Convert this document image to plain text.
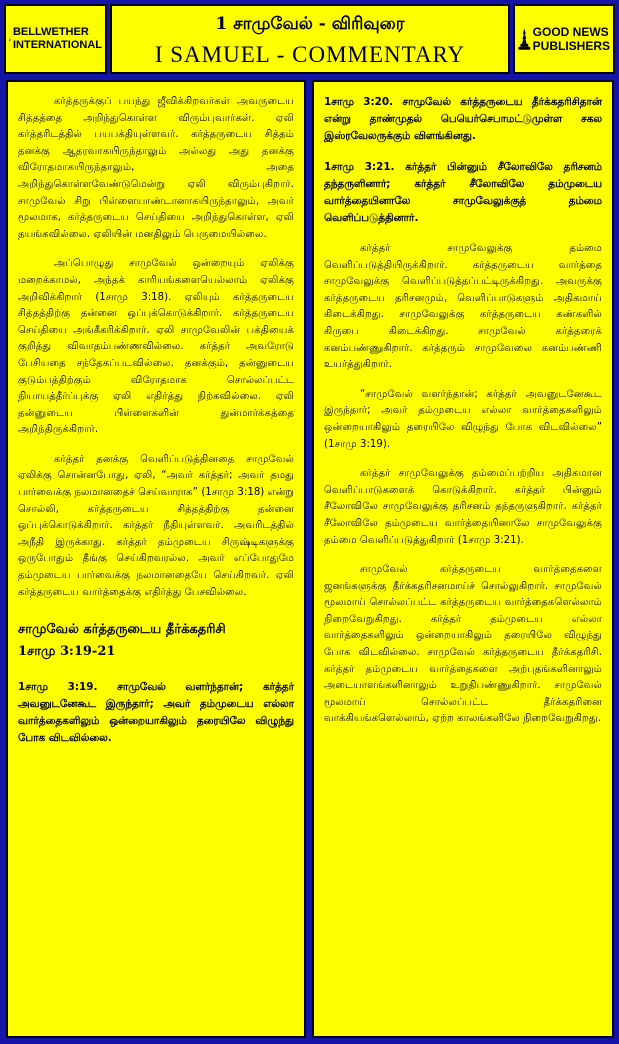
BELLWETHER
INTERNATIONAL
1 சாமுவேல் - விரிவுரை
I SAMUEL - COMMENTARY
GOOD NEWS
PUBLISHERS

கர்த்தருக்குப் பயந்து ஜீவிக்கிறவர்கள் அவருடைய சித்தத்தை அறிந்துகொள்ள விரும்புவார்கள். ஏலி கர்த்தரிடத்தில் பயபக்தியுள்ளவர். கர்த்தருடைய சித்தம் தனக்கு ஆதரவாகயிருந்தாலும் அல்லது அது தனக்கு விரோதமாகயிருந்தாலும், அதை அறிந்துகொள்ளவேண்டுமென்று ஏலி விரும்புகிறார். சாமுவேல் சிறு பிள்ளையாண்டானாகயிருந்தாலும், அவர் மூலமாக, கர்த்தருடைய செய்தியை அறிந்துகொள்ள, ஏலி தயங்கவில்லை. ஏலியின் மனதிலும் பெருமையில்லை.

அப்பொழுது சாமுவேல் ஒன்றையும் ஏலிக்கு மறைக்காமல், அந்தக் காரியங்களையெல்லாம் ஏலிக்கு அறிவிக்கிறார் (1சாமு 3:18). ஏலியும் கர்த்தருடைய சித்தத்திற்கு தன்னை ஒப்புக்கொடுக்கிறார். கர்த்தருடைய செய்தியை அங்கீகரிக்கிறார். ஏலி சாமுவேலின் பக்தியைக் குறித்து விவாதம்பண்ணவில்லை. கர்த்தர் அவரோடு பேசியதை சந்தேகப்படவில்லை. தனக்கும், தன்னுடைய குடும்பத்திற்கும் விரோதமாக சொல்லப்பட்ட நியாயத்தீர்ப்புக்கு ஏலி எதிர்த்து நிற்கவில்லை. ஏலி தன்னுடைய பிள்ளைகளின் துன்மார்க்கத்தை அறிந்திருக்கிறார்.

கர்த்தர் தனக்கு வெளிப்படுத்தினதை சாமுவேல் ஏலிக்கு சொன்னபோது, ஏலி, “அவர் கர்த்தர்; அவர் தமது பார்வைக்கு நலமானதைச் செய்வாராக” (1சாமு 3:18) என்று சொல்லி, கர்த்தருடைய சித்தத்திற்கு தன்னை ஒப்புக்கொடுக்கிறார். கர்த்தர் நீதியுள்ளவர். அவரிடத்தில் அநீதி இருக்காது. கர்த்தர் தம்முடைய சிருஷ்டிகளுக்கு ஒருபோதும் தீங்கு செய்கிறவரல்ல. அவர் எப்போதுமே தம்முடைய பார்வைக்கு நலமானதையே செய்கிறவர். ஏலி கர்த்தருடைய வார்த்தைக்கு எதிர்த்து பேசவில்லை.

சாமுவேல் கர்த்தருடைய தீர்க்கதரிசி
1சாமு 3:19-21
1சாமு 3:19. சாமுவேல் வளர்ந்தான்; கர்த்தர் அவனுடனேகூட இருந்தார்; அவர் தம்முடைய எல்லா வார்த்தைகளிலும் ஒன்றையாகிலும் தரையிலே விழுந்து போக விடவில்லை.
1சாமு 3:20. சாமுவேல் கர்த்தருடைய தீர்க்கதரிசிதான் என்று தாண்முதல் பெயெர்செபாமட்டுமுள்ள சகல இஸ்ரவேலருக்கும் விளங்கினது.
1சாமு 3:21. கர்த்தர் பின்னும் சீலோவிலே தரிசனம் தந்தருளினார்; கர்த்தர் சீலோவிலே தம்முடைய வார்த்தையினாலே சாமுவேலுக்குத் தம்மை வெளிப்படுத்தினார்.

கர்த்தர் சாமுவேலுக்கு தம்மை வெளிப்படுத்தியிருக்கிறார். கர்த்தருடைய வார்த்தை சாமுவேலுக்கு வெளிப்படுத்தப்பட்டிருக்கிறது. அவருக்கு கர்த்தருடைய தரிசனமும், வெளிப்பாடுகளும் அதிகமாய் கிடைக்கிறது. சாமுவேலுக்கு கர்த்தருடைய கண்களில் கிருபை கிடைக்கிறது. சாமுவேல் கர்த்தரைக் கனம்பண்ணுகிறார். கர்த்தரும் சாமுவேலை கனம்பண்ணி உயர்த்துகிறார்.

“சாமுவேல் வளர்ந்தான்; கர்த்தர் அவனுடனேகூட இருந்தார்; அவர் தம்முடைய எல்லா வார்த்தைகளிலும் ஒன்றையாகிலும் தரையிலே விழுந்து போக விடவில்லை” (1சாமு 3:19).

கர்த்தர் சாமுவேலுக்கு தம்மைப்பற்றிய அதிகமான வெளிப்பாடுகளைக் கொடுக்கிறார். கர்த்தர் பின்னும் சீலோவிலே சாமுவேலுக்கு தரிசனம் தந்தருளுகிறார். கர்த்தர் சீலோவிலே தம்முடைய வார்த்தையினாலே சாமுவேலுக்கு தம்மை வெளிப்படுத்துகிறார் (1சாமு 3:21).

சாமுவேல் கர்த்தருடைய வார்த்தைகளை ஜனங்களுக்கு தீர்க்கதரிசனமாய்ச் சொல்லுகிறார். சாமுவேல் மூலமாய் சொல்லப்பட்ட கர்த்தருடைய வார்த்தைகளெல்லாம் நிறைவேறுகிறது. கர்த்தர் தம்முடைய எல்லா வார்த்தைகளிலும் ஒன்றையாகிலும் தரையிலே விழுந்து போக விடவில்லை. சாமுவேல் கர்த்தருடைய தீர்க்கதரிசி. கர்த்தர் தம்முடைய வார்த்தைகளை அற்புதங்களினாலும் அடையாளங்களினாலும் உறுதிபண்ணுகிறார். சாமுவேல் மூலமாய் சொல்லப்பட்ட தீர்க்கதரினை வாக்கியங்களெல்லாம், ஏற்ற காலங்களிலே நிறைவேறுகிறது.
